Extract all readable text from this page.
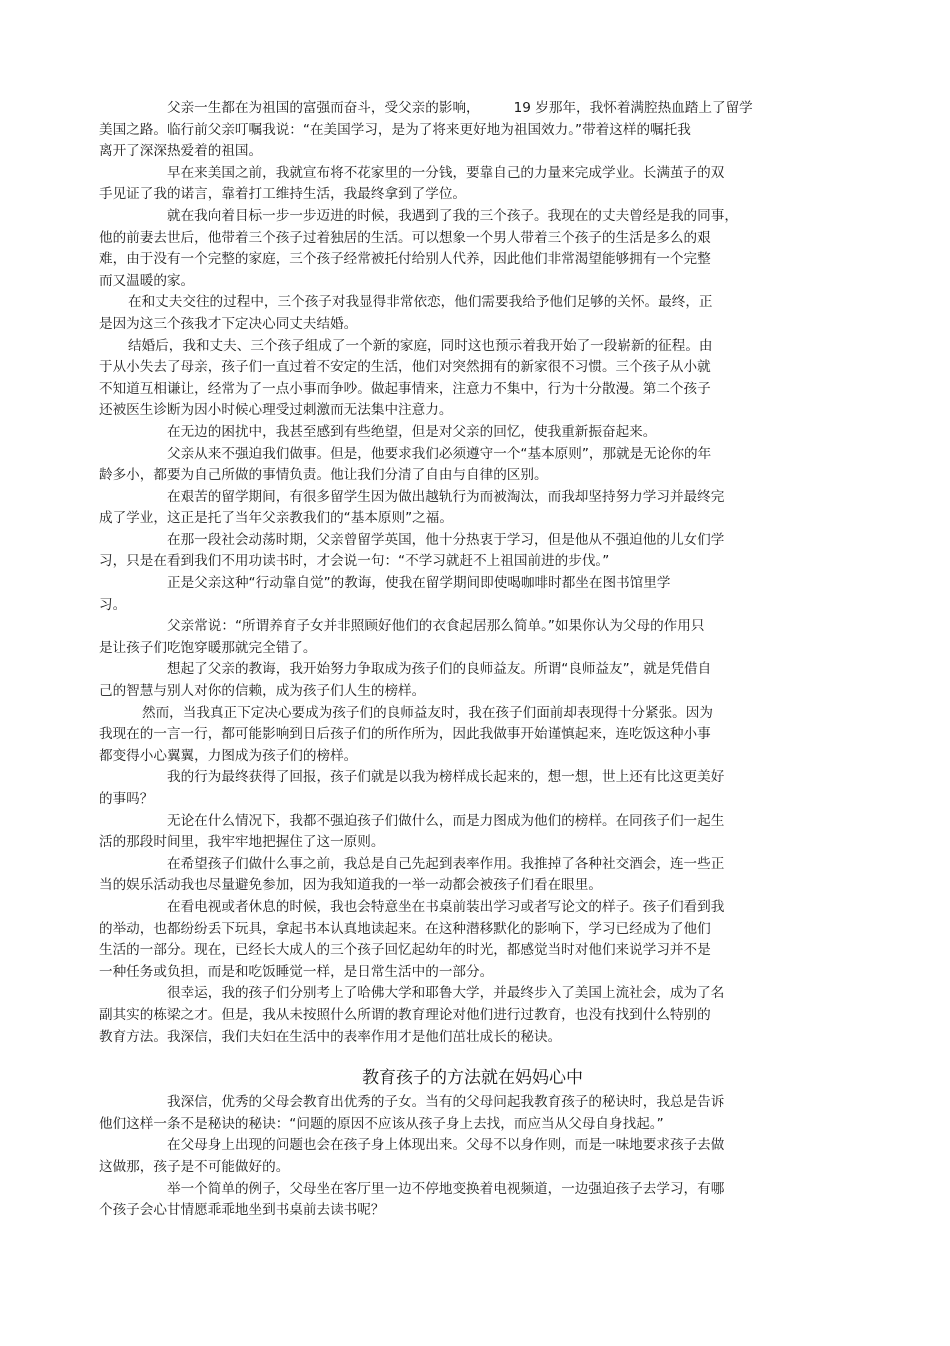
父亲一生都在为祖国的富强而奋斗，受父亲的影响，　　　19 岁那年，我怀着满腔热血踏上了留学
美国之路。临行前父亲叮嘱我说：“在美国学习，是为了将来更好地为祖国效力。”带着这样的嘱托我
离开了深深热爱着的祖国。
早在来美国之前，我就宣布将不花家里的一分钱，要靠自己的力量来完成学业。长满茧子的双
手见证了我的诺言，靠着打工维持生活，我最终拿到了学位。
就在我向着目标一步一步迈进的时候，我遇到了我的三个孩子。我现在的丈夫曾经是我的同事，
他的前妻去世后，他带着三个孩子过着独居的生活。可以想象一个男人带着三个孩子的生活是多么的艰
难，由于没有一个完整的家庭，三个孩子经常被托付给别人代养，因此他们非常渴望能够拥有一个完整
而又温暖的家。
在和丈夫交往的过程中，三个孩子对我显得非常依恋，他们需要我给予他们足够的关怀。最终，正
是因为这三个孩我才下定决心同丈夫结婚。
结婚后，我和丈夫、三个孩子组成了一个新的家庭，同时这也预示着我开始了一段崭新的征程。由
于从小失去了母亲，孩子们一直过着不安定的生活，他们对突然拥有的新家很不习惯。三个孩子从小就
不知道互相谦让，经常为了一点小事而争吵。做起事情来，注意力不集中，行为十分散漫。第二个孩子
还被医生诊断为因小时候心理受过刺激而无法集中注意力。
在无边的困扰中，我甚至感到有些绝望，但是对父亲的回忆，使我重新振奋起来。
父亲从来不强迫我们做事。但是，他要求我们必须遵守一个“基本原则”，那就是无论你的年
龄多小，都要为自己所做的事情负责。他让我们分清了自由与自律的区别。
在艰苦的留学期间，有很多留学生因为做出越轨行为而被淘汰，而我却坚持努力学习并最终完
成了学业，这正是托了当年父亲教我们的“基本原则”之福。
在那一段社会动荡时期，父亲曾留学英国，他十分热衷于学习，但是他从不强迫他的儿女们学
习，只是在看到我们不用功读书时，才会说一句：“不学习就赶不上祖国前进的步伐。”
正是父亲这种“行动靠自觉”的教诲，使我在留学期间即使喝咖啡时都坐在图书馆里学
习。
父亲常说：“所谓养育子女并非照顾好他们的衣食起居那么简单。”如果你认为父母的作用只
是让孩子们吃饱穿暖那就完全错了。
想起了父亲的教诲，我开始努力争取成为孩子们的良师益友。所谓“良师益友”，就是凭借自
己的智慧与别人对你的信赖，成为孩子们人生的榜样。
然而，当我真正下定决心要成为孩子们的良师益友时，我在孩子们面前却表现得十分紧张。因为
我现在的一言一行，都可能影响到日后孩子们的所作所为，因此我做事开始谨慎起来，连吃饭这种小事
都变得小心翼翼，力图成为孩子们的榜样。
我的行为最终获得了回报，孩子们就是以我为榜样成长起来的，想一想，世上还有比这更美好
的事吗？
无论在什么情况下，我都不强迫孩子们做什么，而是力图成为他们的榜样。在同孩子们一起生
活的那段时间里，我牢牢地把握住了这一原则。
在希望孩子们做什么事之前，我总是自己先起到表率作用。我推掉了各种社交酒会，连一些正
当的娱乐活动我也尽量避免参加，因为我知道我的一举一动都会被孩子们看在眼里。
在看电视或者休息的时候，我也会特意坐在书桌前装出学习或者写论文的样子。孩子们看到我
的举动，也都纷纷丢下玩具，拿起书本认真地读起来。在这种潜移默化的影响下，学习已经成为了他们
生活的一部分。现在，已经长大成人的三个孩子回忆起幼年的时光，都感觉当时对他们来说学习并不是
一种任务或负担，而是和吃饭睡觉一样，是日常生活中的一部分。
很幸运，我的孩子们分别考上了哈佛大学和耶鲁大学，并最终步入了美国上流社会，成为了名
副其实的栋梁之才。但是，我从未按照什么所谓的教育理论对他们进行过教育，也没有找到什么特别的
教育方法。我深信，我们夫妇在生活中的表率作用才是他们茁壮成长的秘诀。
教育孩子的方法就在妈妈心中
我深信，优秀的父母会教育出优秀的子女。当有的父母问起我教育孩子的秘诀时，我总是告诉
他们这样一条不是秘诀的秘诀：“问题的原因不应该从孩子身上去找，而应当从父母自身找起。”
在父母身上出现的问题也会在孩子身上体现出来。父母不以身作则，而是一味地要求孩子去做
这做那，孩子是不可能做好的。
举一个简单的例子，父母坐在客厅里一边不停地变换着电视频道，一边强迫孩子去学习，有哪
个孩子会心甘情愿乖乖地坐到书桌前去读书呢？
